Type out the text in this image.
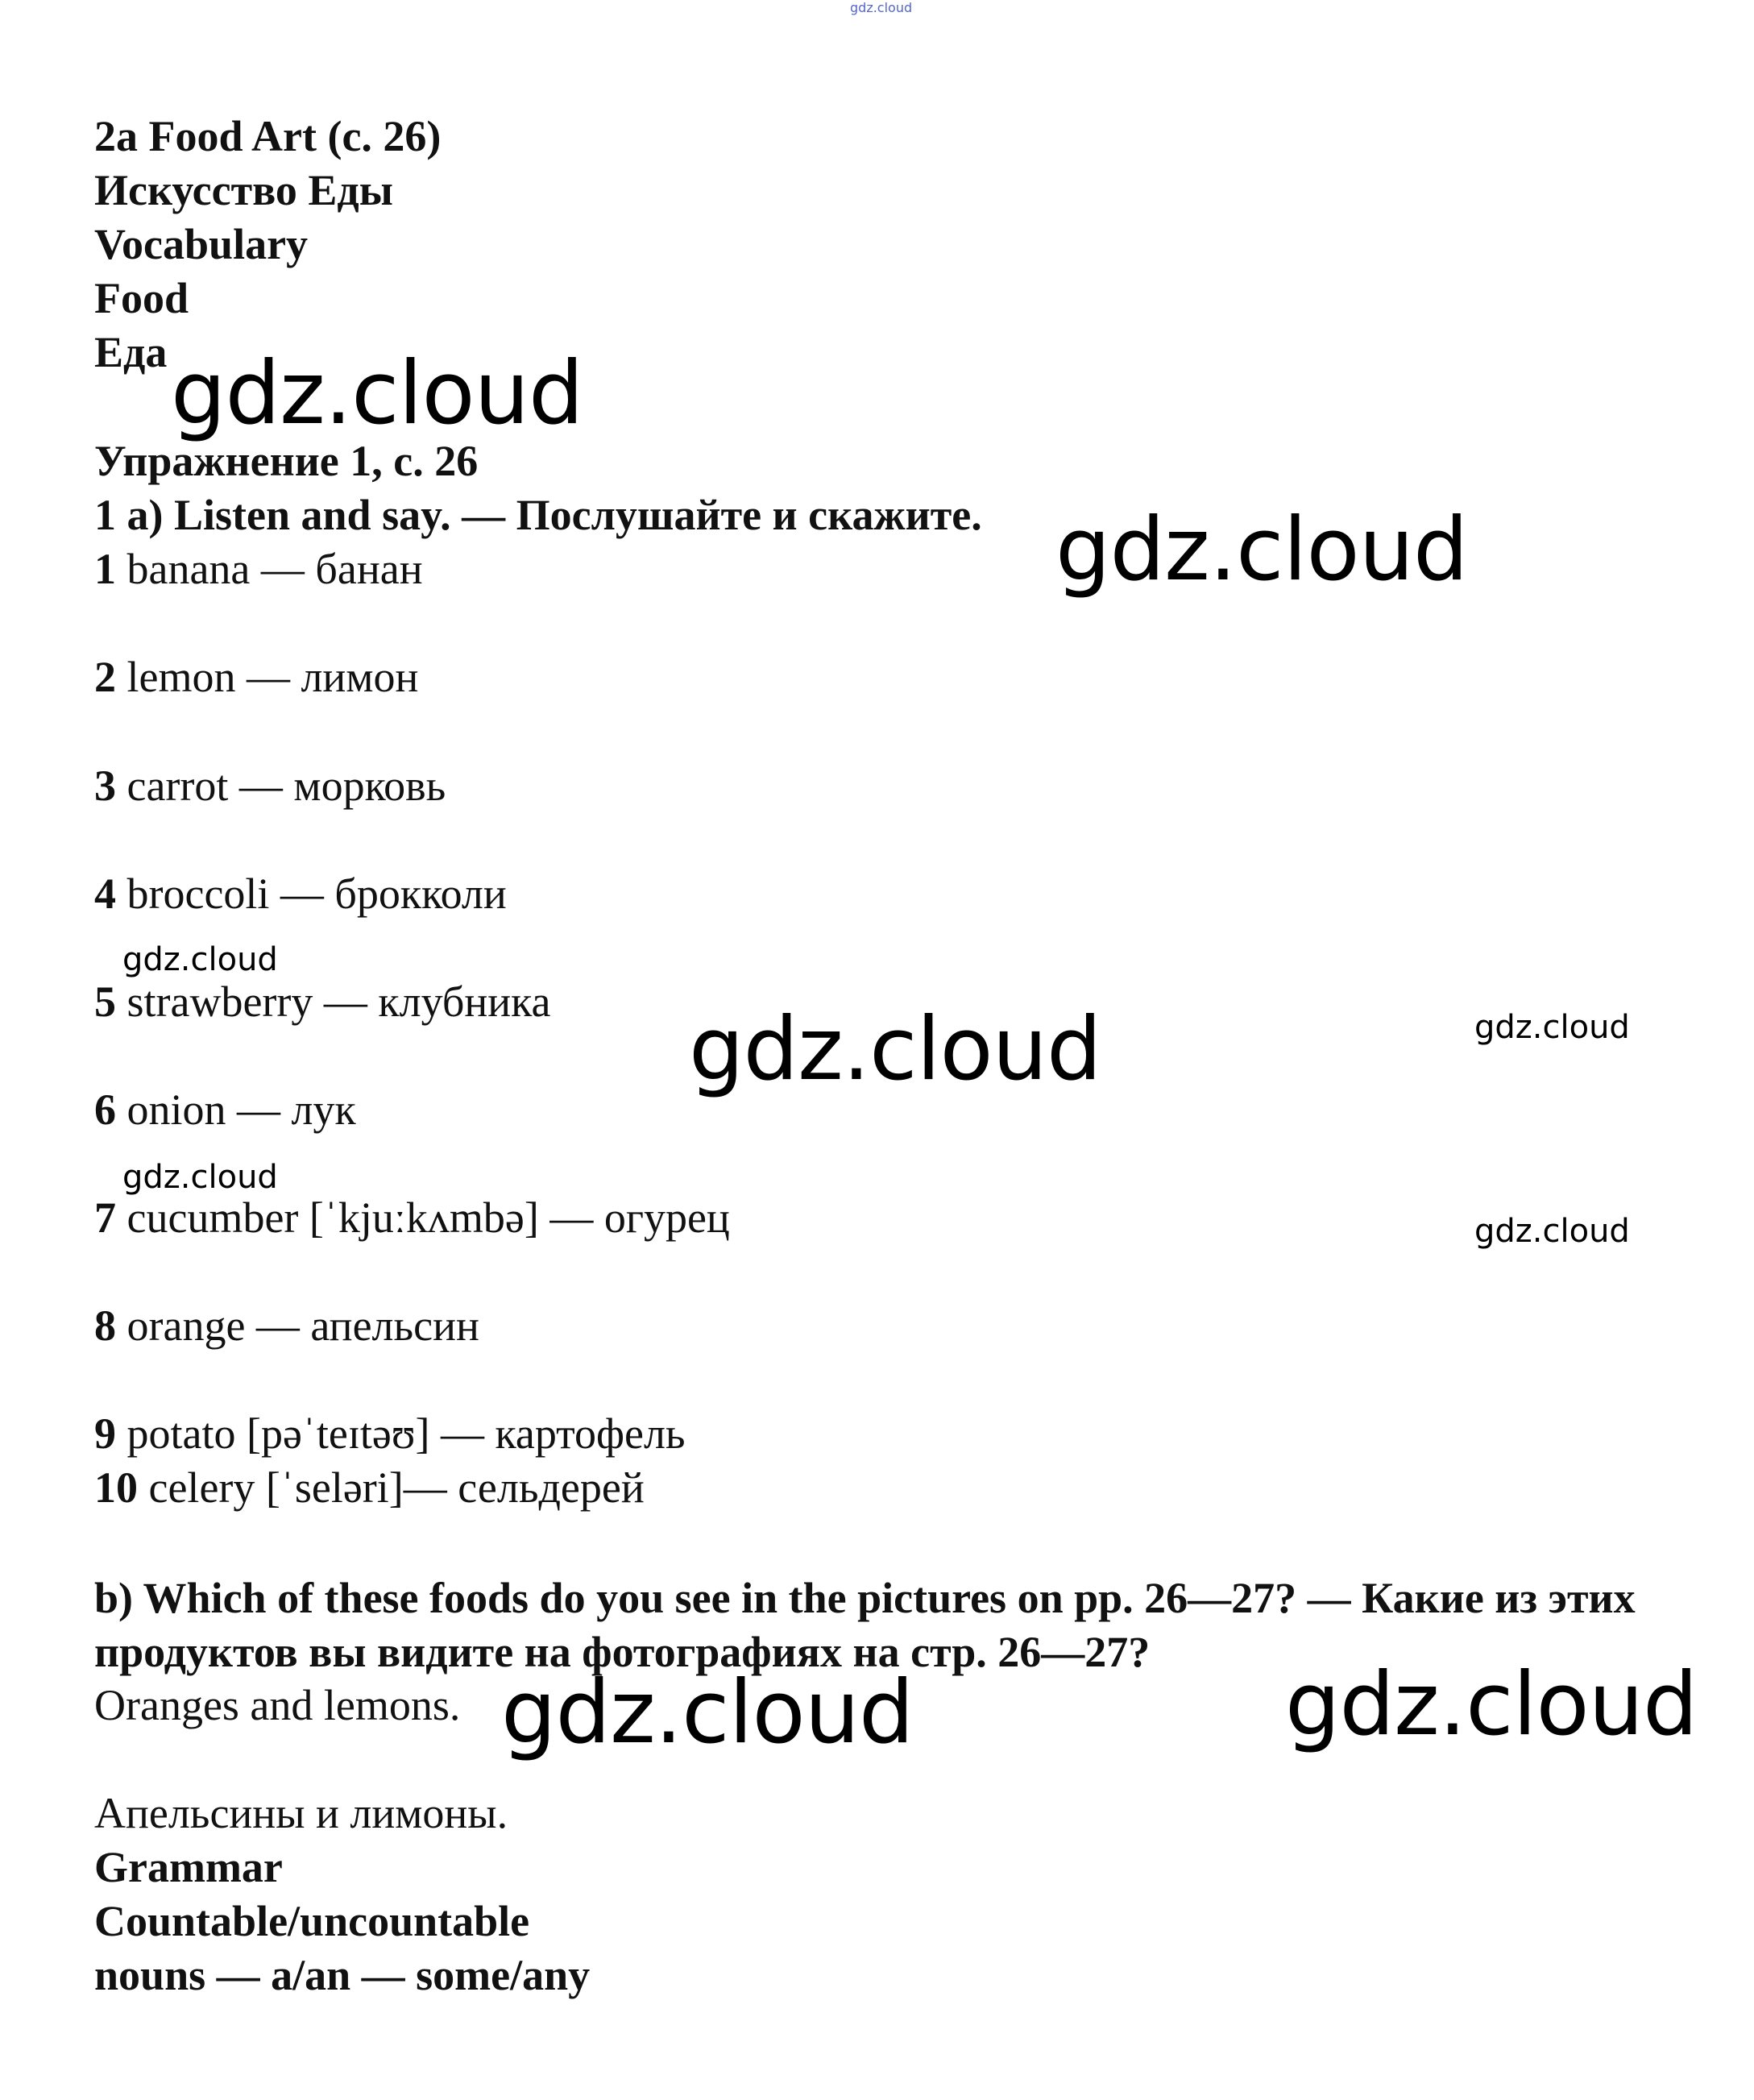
gdz.cloud
2a Food Art (с. 26)
Искусство Еды
Vocabulary
Food
Еда
Упражнение 1, с. 26
1 a) Listen and say. — Послушайте и скажите.
1 banana — банан
2 lemon — лимон
3 carrot — морковь
4 broccoli — брокколи
5 strawberry — клубника
6 onion — лук
7 cucumber [ˈkjuːkʌmbə] — огурец
8 orange — апельсин
9 potato [pəˈteɪtəʊ] — картофель
10 celery [ˈseləri]— сельдерей
b) Which of these foods do you see in the pictures on pp. 26—27? — Какие из этих продуктов вы видите на фотографиях на стр. 26—27?
Oranges and lemons.
Апельсины и лимоны.
Grammar
Countable/uncountable
nouns — a/an — some/any
gdz.cloud
gdz.cloud
gdz.cloud
gdz.cloud	gdz.cloud
gdz.cloud
gdz.cloud
gdz.cloud	gdz.cloud
